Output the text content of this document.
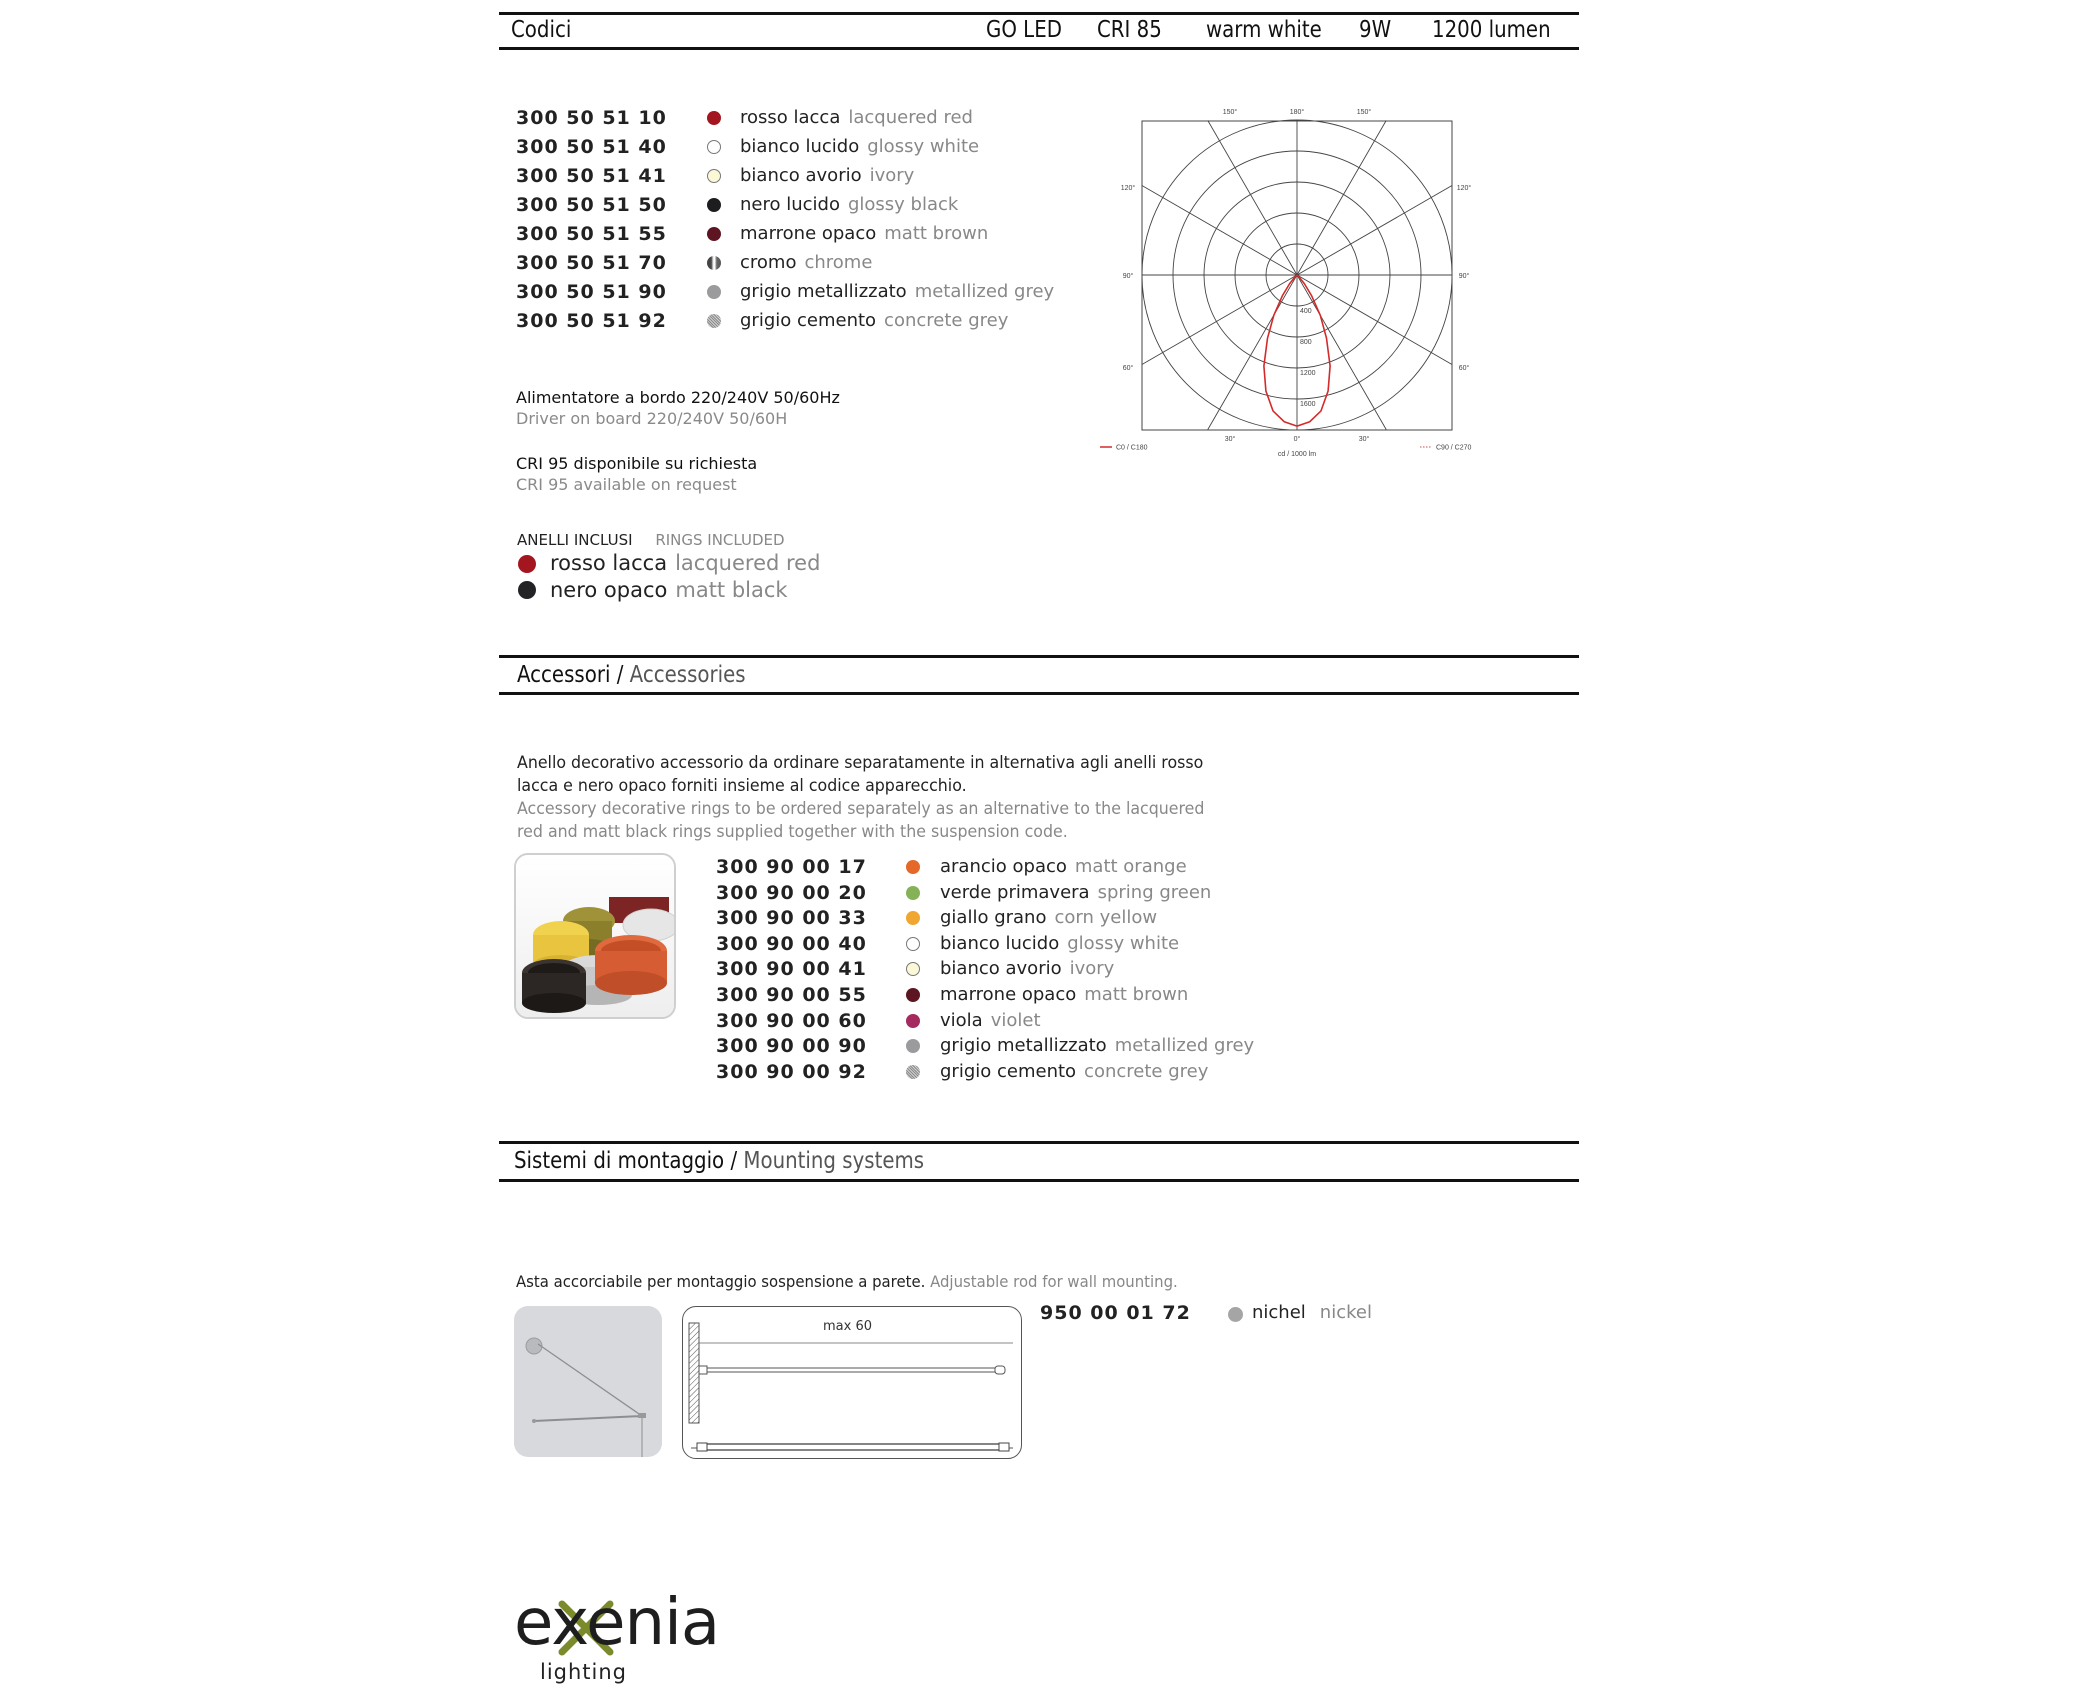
Codici	GO LED CRI 85 warm white 9W 1200 lumen
300 50 51 10	rosso lacca lacquered red
300 50 51 40	bianco lucido glossy white
300 50 51 41	bianco avorio ivory
300 50 51 50	nero lucido glossy black
300 50 51 55	marrone opaco matt brown
300 50 51 70	cromo chrome
300 50 51 90	grigio metallizzato metallized grey
300 50 51 92	grigio cemento concrete grey
Alimentatore a bordo 220/240V 50/60Hz
Driver on board 220/240V 50/60H
CRI 95 disponibile su richiesta
CRI 95 available on request
ANELLI INCLUSI RINGS INCLUDED
rosso lacca lacquered red
nero opaco matt black
400
800
1200
1600
150°	180°	150°
30°	0°	30°
120°	120°
90°	90°
60°	60°
C0 / C180	C90 / C270
cd / 1000 lm
Accessori / Accessories
Anello decorativo accessorio da ordinare separatamente in alternativa agli anelli rosso
lacca e nero opaco forniti insieme al codice apparecchio.
Accessory decorative rings to be ordered separately as an alternative to the lacquered
red and matt black rings supplied together with the suspension code.
300 90 00 17	arancio opaco matt orange
300 90 00 20	verde primavera spring green
300 90 00 33	giallo grano corn yellow
300 90 00 40	bianco lucido glossy white
300 90 00 41	bianco avorio ivory
300 90 00 55	marrone opaco matt brown
300 90 00 60	viola violet
300 90 00 90	grigio metallizzato metallized grey
300 90 00 92	grigio cemento concrete grey
Sistemi di montaggio / Mounting systems
Asta accorciabile per montaggio sospensione a parete. Adjustable rod for wall mounting.
max 60
950 00 01 72	nichel nickel
exenia
lighting
